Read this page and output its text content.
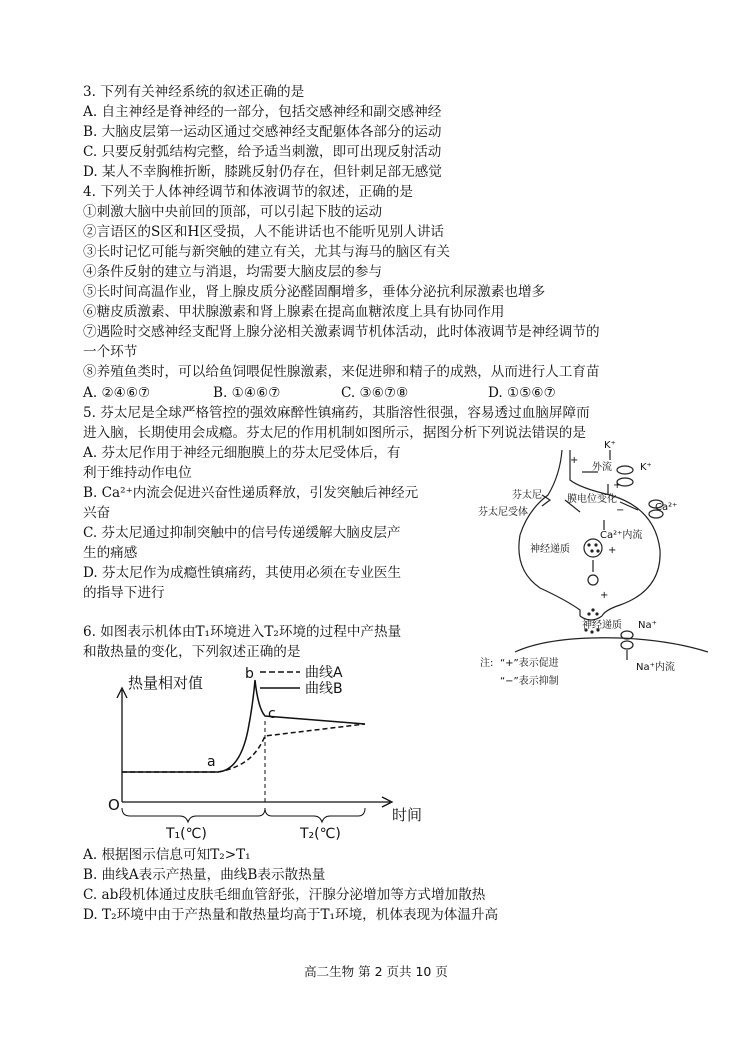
3. 下列有关神经系统的叙述正确的是
A. 自主神经是脊神经的一部分，包括交感神经和副交感神经
B. 大脑皮层第一运动区通过交感神经支配躯体各部分的运动
C. 只要反射弧结构完整，给予适当刺激，即可出现反射活动
D. 某人不幸胸椎折断，膝跳反射仍存在，但针刺足部无感觉
4. 下列关于人体神经调节和体液调节的叙述，正确的是
①刺激大脑中央前回的顶部，可以引起下肢的运动
②言语区的S区和H区受损，人不能讲话也不能听见别人讲话
③长时记忆可能与新突触的建立有关，尤其与海马的脑区有关
④条件反射的建立与消退，均需要大脑皮层的参与
⑤长时间高温作业，肾上腺皮质分泌醛固酮增多，垂体分泌抗利尿激素也增多
⑥糖皮质激素、甲状腺激素和肾上腺素在提高血糖浓度上具有协同作用
⑦遇险时交感神经支配肾上腺分泌相关激素调节机体活动，此时体液调节是神经调节的
一个环节
⑧养殖鱼类时，可以给鱼饲喂促性腺激素，来促进卵和精子的成熟，从而进行人工育苗
A. ②④⑥⑦	B. ①④⑥⑦	C. ③⑥⑦⑧	D. ①⑤⑥⑦
5. 芬太尼是全球严格管控的强效麻醉性镇痛药，其脂溶性很强，容易透过血脑屏障而
进入脑，长期使用会成瘾。芬太尼的作用机制如图所示，据图分析下列说法错误的是
A. 芬太尼作用于神经元细胞膜上的芬太尼受体后，有
利于维持动作电位
B. Ca²⁺内流会促进兴奋性递质释放，引发突触后神经元
兴奋
C. 芬太尼通过抑制突触中的信号传递缓解大脑皮层产
生的痛感
D. 芬太尼作为成瘾性镇痛药，其使用必须在专业医生
的指导下进行
K⁺
外流	K⁺
芬太尼
芬太尼受体
膜电位变化
Ca²⁺
Ca²⁺内流
神经递质
神经递质 Na⁺
Na⁺内流
+
+
+
+
−
注: “+”表示促进
“−”表示抑制
6. 如图表示机体由T₁环境进入T₂环境的过程中产热量
和散热量的变化，下列叙述正确的是
热量相对值
曲线A
曲线B
O
时间
a
b
c
T₁(℃)	T₂(℃)
A. 根据图示信息可知T₂>T₁
B. 曲线A表示产热量，曲线B表示散热量
C. ab段机体通过皮肤毛细血管舒张，汗腺分泌增加等方式增加散热
D. T₂环境中由于产热量和散热量均高于T₁环境，机体表现为体温升高
高二生物 第 2 页共 10 页
